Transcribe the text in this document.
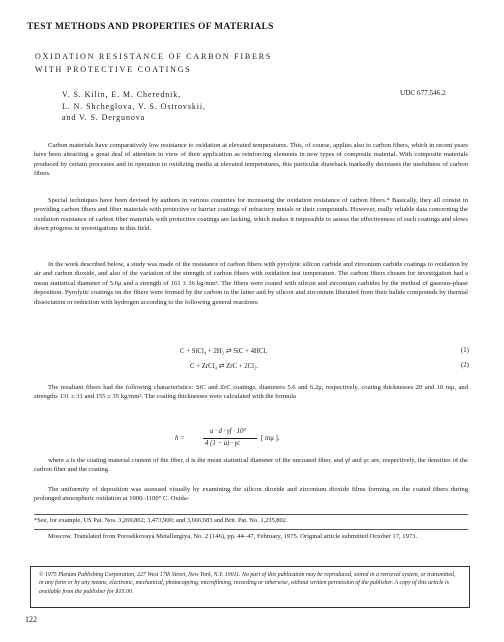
TEST METHODS AND PROPERTIES OF MATERIALS
OXIDATION RESISTANCE OF CARBON FIBERS
WITH PROTECTIVE COATINGS
V. S. Kilin, E. M. Cherednik,
L. N. Shcheglova, V. S. Ostrovskii,
and V. S. Dergunova
UDC 677.546.2

Carbon materials have comparatively low resistance to oxidation at elevated temperatures. This, of course, applies also to carbon fibers, which in recent years have been attracting a great deal of attention in view of their application as reinforcing elements in new types of composite material. With composite materials produced by certain processes and in operation in oxidizing media at elevated temperatures, this particular drawback markedly decreases the usefulness of carbon fibers.

Special techniques have been devised by authors in various countries for increasing the oxidation resistance of carbon fibers.* Basically, they all consist in providing carbon fibers and fiber materials with protective or barrier coatings of refractory metals or their compounds. However, really reliable data concerning the oxidation resistance of carbon fiber materials with protective coatings are lacking, which makes it impossible to assess the effectiveness of such coatings and slows down progress in investigations in this field.

In the work described below, a study was made of the resistance of carbon fibers with pyrolytic silicon carbide and zirconium carbide coatings to oxidation by air and carbon dioxide, and also of the variation of the strength of carbon fibers with oxidation test temperature. The carbon fibers chosen for investigation had a mean statistical diameter of 5.6μ and a strength of 161 ± 36 kg/mm². The fibers were coated with silicon and zirconium carbides by the method of gaseous-phase deposition. Pyrolytic coatings on the fibers were formed by the carbon in the latter and by silicon and zirconium liberated from their halide compounds by thermal dissociation or reduction with hydrogen according to the following general reactions:

C + SiCl₄ + 2H₂ ⇄ SiC + 4HCl,	(1)
C + ZrCl₄ ⇄ ZrC + 2Cl₂.	(2)

The resultant fibers had the following characteristics: SiC and ZrC coatings, diameters 5.6 and 6.2μ, respectively, coating thicknesses 20 and 10 mμ, and strengths 131 ± 31 and 155 ± 35 kg/mm². The coating thicknesses were calculated with the formula

h =
a · d · γf · 10³
4 (1 − a) · γc
[ mμ ].

where a is the coating material content of the fiber, d is the mean statistical diameter of the uncoated fiber, and γf and γc are, respectively, the densities of the carbon fiber and the coating.

The uniformity of deposition was assessed visually by examining the silicon dioxide and zirconium dioxide films forming on the coated fibers during prolonged atmospheric oxidation at 1000–1100° C. Oxida-

*See, for example, US Pat. Nos. 3,269,802; 3,473,900; and 3,666,683 and Brit. Pat. No. 1,235,802.

Moscow. Translated from Poroshkovaya Metallurgiya, No. 2 (146), pp. 44–47, February, 1975. Original article submitted October 17, 1973.

© 1975 Plenum Publishing Corporation, 227 West 17th Street, New York, N.Y. 10011. No part of this publication may be reproduced, stored in a retrieval system, or transmitted, in any form or by any means, electronic, mechanical, photocopying, microfilming, recording or otherwise, without written permission of the publisher. A copy of this article is available from the publisher for $15.00.
122
